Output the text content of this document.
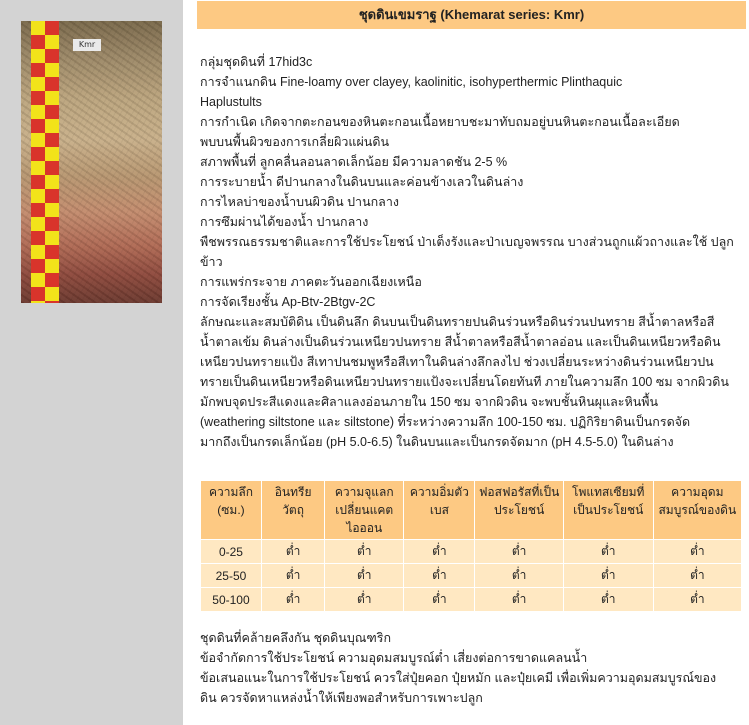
Kmr
ชุดดินเขมราฐ (Khemarat series: Kmr)

กลุ่มชุดดินที่ 17hid3c

การจำแนกดิน Fine-loamy over clayey, kaolinitic, isohyperthermic Plinthaquic

Haplustults

การกำเนิด เกิดจากตะกอนของหินตะกอนเนื้อหยาบชะมาทับถมอยู่บนหินตะกอนเนื้อละเอียด

พบบนพื้นผิวของการเกลี่ยผิวแผ่นดิน

สภาพพื้นที่ ลูกคลื่นลอนลาดเล็กน้อย มีความลาดชัน 2-5 %

การระบายน้ำ ดีปานกลางในดินบนและค่อนข้างเลวในดินล่าง

การไหลบ่าของน้ำบนผิวดิน ปานกลาง

การซึมผ่านได้ของน้ำ ปานกลาง

พืชพรรณธรรมชาติและการใช้ประโยชน์ ป่าเต็งรังและป่าเบญจพรรณ บางส่วนถูกแผ้วถางและใช้ ปลูก

ข้าว

การแพร่กระจาย ภาคตะวันออกเฉียงเหนือ

การจัดเรียงชั้น Ap-Btv-2Btgv-2C

ลักษณะและสมบัติดิน เป็นดินลึก ดินบนเป็นดินทรายปนดินร่วนหรือดินร่วนปนทราย สีน้ำตาลหรือสี

น้ำตาลเข้ม ดินล่างเป็นดินร่วนเหนียวปนทราย สีน้ำตาลหรือสีน้ำตาลอ่อน และเป็นดินเหนียวหรือดิน

เหนียวปนทรายแป้ง สีเทาปนชมพูหรือสีเทาในดินล่างลึกลงไป ช่วงเปลี่ยนระหว่างดินร่วนเหนียวปน

ทรายเป็นดินเหนียวหรือดินเหนียวปนทรายแป้งจะเปลี่ยนโดยทันที ภายในความลึก 100 ซม จากผิวดิน

มักพบจุดประสีแดงและศิลาแลงอ่อนภายใน 150 ซม จากผิวดิน จะพบชั้นหินผุและหินพื้น

(weathering siltstone และ siltstone) ที่ระหว่างความลึก 100-150 ซม. ปฏิกิริยาดินเป็นกรดจัด

มากถึงเป็นกรดเล็กน้อย (pH 5.0-6.5) ในดินบนและเป็นกรดจัดมาก (pH 4.5-5.0) ในดินล่าง

ความลึก (ซม.)	อินทรียวัตถุ	ความจุแลกเปลี่ยนแคตไอออน	ความอิ่มตัวเบส	ฟอสฟอรัสที่เป็นประโยชน์	โพแทสเซียมที่เป็นประโยชน์	ความอุดมสมบูรณ์ของดิน
0-25	ต่ำ	ต่ำ	ต่ำ	ต่ำ	ต่ำ	ต่ำ
25-50	ต่ำ	ต่ำ	ต่ำ	ต่ำ	ต่ำ	ต่ำ
50-100	ต่ำ	ต่ำ	ต่ำ	ต่ำ	ต่ำ	ต่ำ

ชุดดินที่คล้ายคลึงกัน ชุดดินบุณฑริก

ข้อจำกัดการใช้ประโยชน์ ความอุดมสมบูรณ์ต่ำ เสี่ยงต่อการขาดแคลนน้ำ

ข้อเสนอแนะในการใช้ประโยชน์ ควรใส่ปุ๋ยคอก ปุ๋ยหมัก และปุ๋ยเคมี เพื่อเพิ่มความอุดมสมบูรณ์ของ

ดิน ควรจัดหาแหล่งน้ำให้เพียงพอสำหรับการเพาะปลูก
